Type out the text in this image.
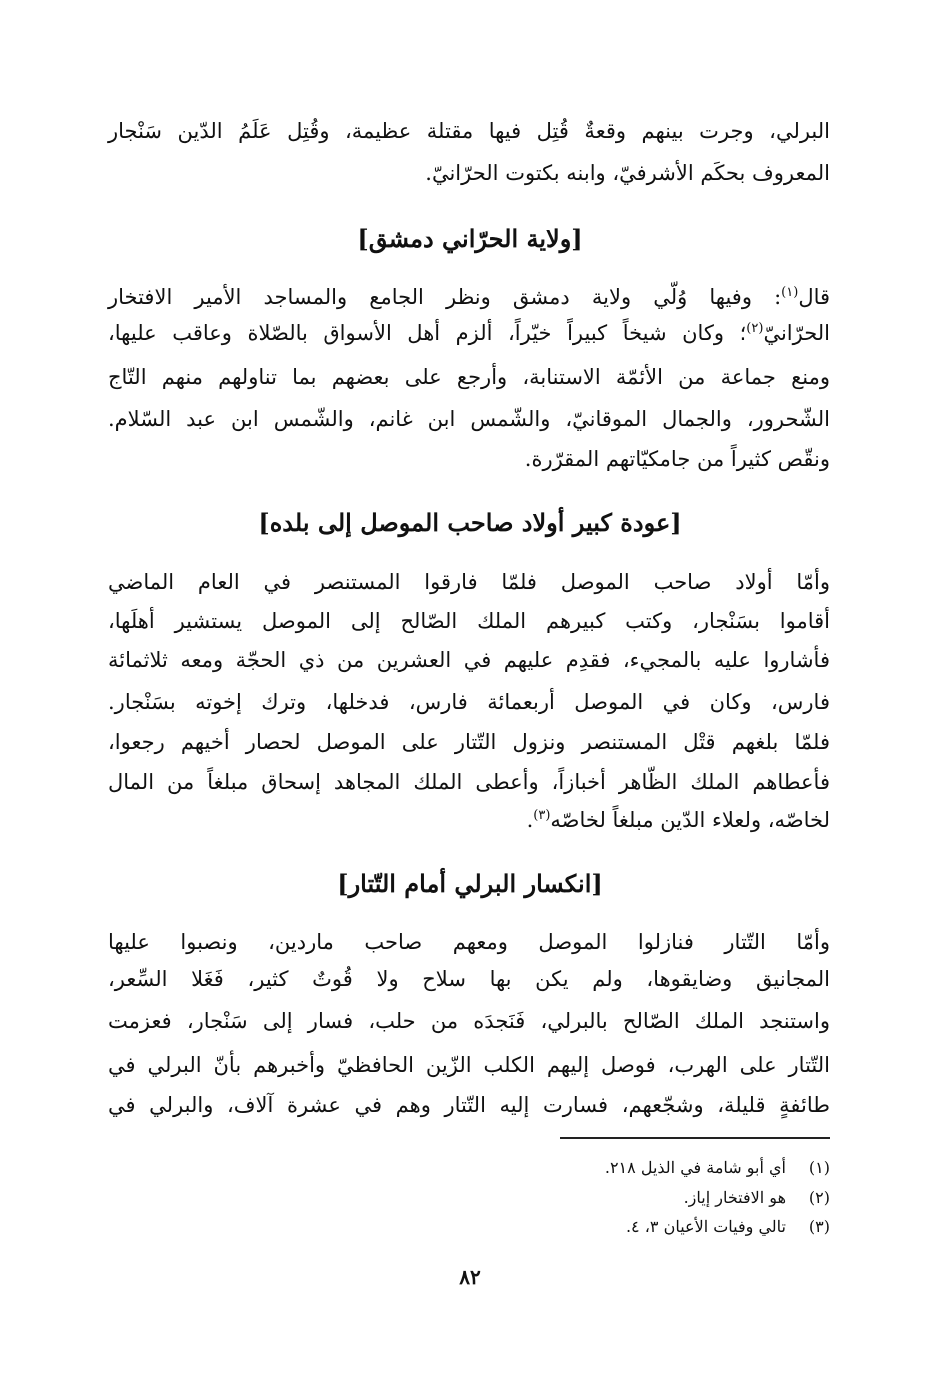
البرلي، وجرت بينهم وقعةٌ قُتِل فيها مقتلة عظيمة، وقُتِل عَلَمُ الدّين سَنْجار
المعروف بحكَم الأشرفيّ، وابنه بكتوت الحرّانيّ.
[ولاية الحرّاني دمشق]
قال$^{(١)}$: وفيها وُلّي ولاية دمشق ونظر الجامع والمساجد الأمير الافتخار
الحرّانيّ$^{(٢)}$؛ وكان شيخاً كبيراً خيّراً، ألزم أهل الأسواق بالصّلاة وعاقب عليها،
ومنع جماعة من الأئمّة الاستنابة، وأرجع على بعضهم بما تناولهم منهم التّاج
الشّحرور، والجمال الموقانيّ، والشّمس ابن غانم، والشّمس ابن عبد السّلام.
ونقّص كثيراً من جامكيّاتهم المقرّرة.
[عودة كبير أولاد صاحب الموصل إلى بلده]
وأمّا أولاد صاحب الموصل فلمّا فارقوا المستنصر في العام الماضي
أقاموا بسَنْجار، وكتب كبيرهم الملك الصّالح إلى الموصل يستشير أهلَها،
فأشاروا عليه بالمجيء، فقدِم عليهم في العشرين من ذي الحجّة ومعه ثلاثمائة
فارس، وكان في الموصل أربعمائة فارس، فدخلها، وترك إخوته بسَنْجار.
فلمّا بلغهم قتْل المستنصر ونزول التّتار على الموصل لحصار أخيهم رجعوا،
فأعطاهم الملك الظّاهر أخبازاً، وأعطى الملك المجاهد إسحاق مبلغاً من المال
لخاصّه، ولعلاء الدّين مبلغاً لخاصّه$^{(٣)}$.
[انكسار البرلي أمام التّتار]
وأمّا التّتار فنازلوا الموصل ومعهم صاحب ماردين، ونصبوا عليها
المجانيق وضايقوها، ولم يكن بها سلاح ولا قُوتٌ كثير، فَغَلا السِّعر،
واستنجد الملك الصّالح بالبرلي، فَنَجدَه من حلب، فسار إلى سَنْجار، فعزمت
التّتار على الهرب، فوصل إليهم الكلب الزّين الحافظيّ وأخبرهم بأنّ البرلي في
طائفةٍ قليلة، وشجّعهم، فسارت إليه التّتار وهم في عشرة آلاف، والبرلي في
(١)أي أبو شامة في الذيل ٢١٨.
(٢)هو الافتخار إياز.
(٣)تالي وفيات الأعيان ٣، ٤.
٨٢
